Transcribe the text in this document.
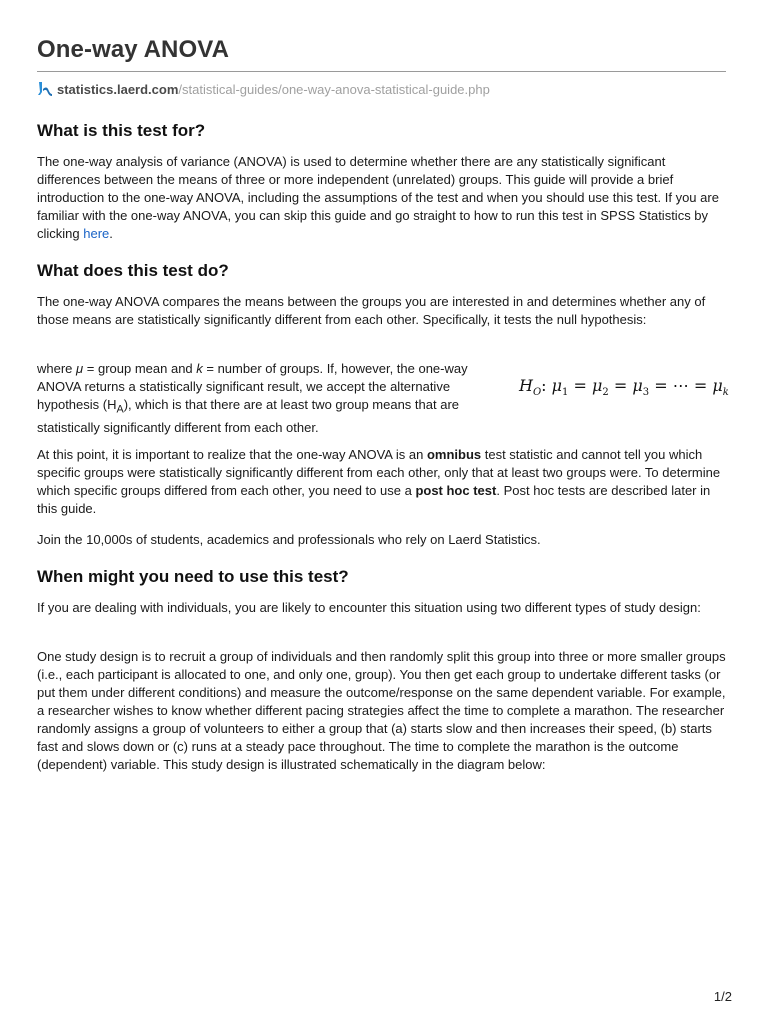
One-way ANOVA
statistics.laerd.com /statistical-guides/one-way-anova-statistical-guide.php
What is this test for?

The one-way analysis of variance (ANOVA) is used to determine whether there are any statistically significant differences between the means of three or more independent (unrelated) groups. This guide will provide a brief introduction to the one-way ANOVA, including the assumptions of the test and when you should use this test. If you are familiar with the one-way ANOVA, you can skip this guide and go straight to how to run this test in SPSS Statistics by clicking here.

What does this test do?

The one-way ANOVA compares the means between the groups you are interested in and determines whether any of those means are statistically significantly different from each other. Specifically, it tests the null hypothesis:

where μ = group mean and k = number of groups. If, however, the one-way ANOVA returns a statistically significant result, we accept the alternative hypothesis $(H_A)$, which is that there are at least two group means that are statistically significantly different from each other.

$H_O$: $\mu_1 = \mu_2 = \mu_3$ = ⋯ = $\mu_k$

At this point, it is important to realize that the one-way ANOVA is an omnibus test statistic and cannot tell you which specific groups were statistically significantly different from each other, only that at least two groups were. To determine which specific groups differed from each other, you need to use a post hoc test. Post hoc tests are described later in this guide.

Join the 10,000s of students, academics and professionals who rely on Laerd Statistics.

When might you need to use this test?

If you are dealing with individuals, you are likely to encounter this situation using two different types of study design:

One study design is to recruit a group of individuals and then randomly split this group into three or more smaller groups (i.e., each participant is allocated to one, and only one, group). You then get each group to undertake different tasks (or put them under different conditions) and measure the outcome/response on the same dependent variable. For example, a researcher wishes to know whether different pacing strategies affect the time to complete a marathon. The researcher randomly assigns a group of volunteers to either a group that (a) starts slow and then increases their speed, (b) starts fast and slows down or (c) runs at a steady pace throughout. The time to complete the marathon is the outcome (dependent) variable. This study design is illustrated schematically in the diagram below:

1/2
